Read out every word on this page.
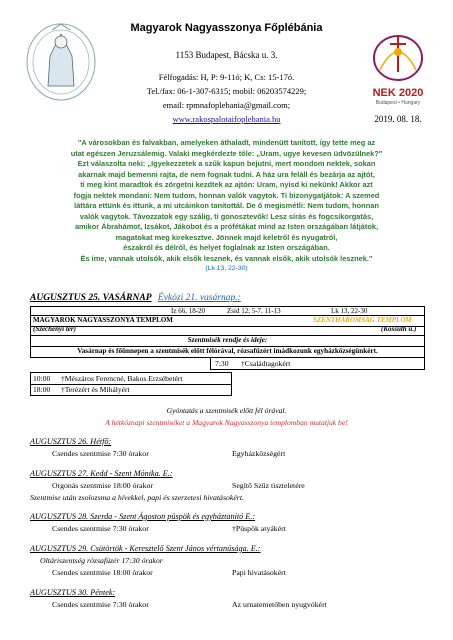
Magyarok Nagyasszonya Főplébánia
1153 Budapest, Bácska u. 3.
Félfogadás: H, P: 9-11ó; K, Cs: 15-17ó.
Tel./fax: 06-1-307-6315; mobil: 06203574229;
email: rpmnafoplebania@gmail.com;
www.rakospalotaifoplebania.hu
NEK 2020
Budapest • Hungary
2019. 08. 18.
"A városokban és falvakban, amelyeken áthaladt, mindenütt tanított, így tette meg az
utat egészen Jeruzsálemig. Valaki megkérdezte tőle: „Uram, ugye kevesen üdvözülnek?"
Ezt válaszolta neki: „Igyekezzetek a szűk kapun bejutni, mert mondom nektek, sokan
akarnak majd bemenni rajta, de nem fognak tudni. A ház ura feláll és bezárja az ajtót,
ti meg kint maradtok és zörgetni kezdtek az ajtón: Uram, nyisd ki nekünk! Akkor azt
fogja nektek mondani: Nem tudom, honnan valók vagytok. Ti bizonygatjátok: A szemed
láttára ettünk és ittunk, a mi utcáinkon tanítottál. De ő megismétli: Nem tudom, honnan
valók vagytok. Távozzatok egy szálig, ti gonosztevők! Lesz sírás és fogcsikorgatás,
amikor Ábrahámot, Izsákot, Jákobot és a prófétákat mind az Isten országában látjátok,
magatokat meg kirekesztve. Jönnek majd keletről és nyugatról,
északról és délről, és helyet foglalnak az Isten országában.
És íme, vannak utolsók, akik elsők lesznek, és vannak elsők, akik utolsók lesznek."
(Lk 13, 22-30)
AUGUSZTUS 25. VASÁRNAP Évközi 21. vasárnap.:
Iz 66, 18-20	Zsid 12, 5-7. 11-13	Lk 13, 22-30
MAGYAROK NAGYASSZONYA TEMPLOM	SZENTHÁROMSÁG TEMPLOM
(Széchenyi tér)	(Kossuth u.)
Szentmisék rendje és ideje:
Vasárnap és főünnepen a szentmisék előtt félórával, rózsafüzért imádkozunk egyházközségünkért.
7:30 †Családtagokért
10:00 †Mészáros Ferencné, Bakos Erzsébetért
18:00 †Terézért és Mihályért
Gyóntatás a szentmisék előtt fél órával.
A hétköznapi szentmiséket a Magyarok Nagyasszonya templomban mutatjuk be!
AUGUSZTUS 26. Hétfő:
Csendes szentmise 7:30 órakor	Egyházközségért
AUGUSZTUS 27. Kedd - Szent Mónika. E.:
Orgonás szentmise 18:00 órakor	Segítő Szűz tiszteletére
Szentmise után zsolozsma a hívekkel, papi és szerzetesi hivatásokért.
AUGUSZTUS 28. Szerda - Szent Ágoston püspök és egyháztanító E.:
Csendes szentmise 7:30 órakor	†Püspök atyákért
AUGUSZTUS 29. Csütörtök - Keresztelő Szent János vértanúsága. E.:
Oltáriszentség rózsafüzér 17:30 órakor
Csendes szentmise 18:00 órakor	Papi hivatásokért
AUGUSZTUS 30. Péntek:
Csendes szentmise 7:30 órakor	Az urnatemetőben nyugvókért
